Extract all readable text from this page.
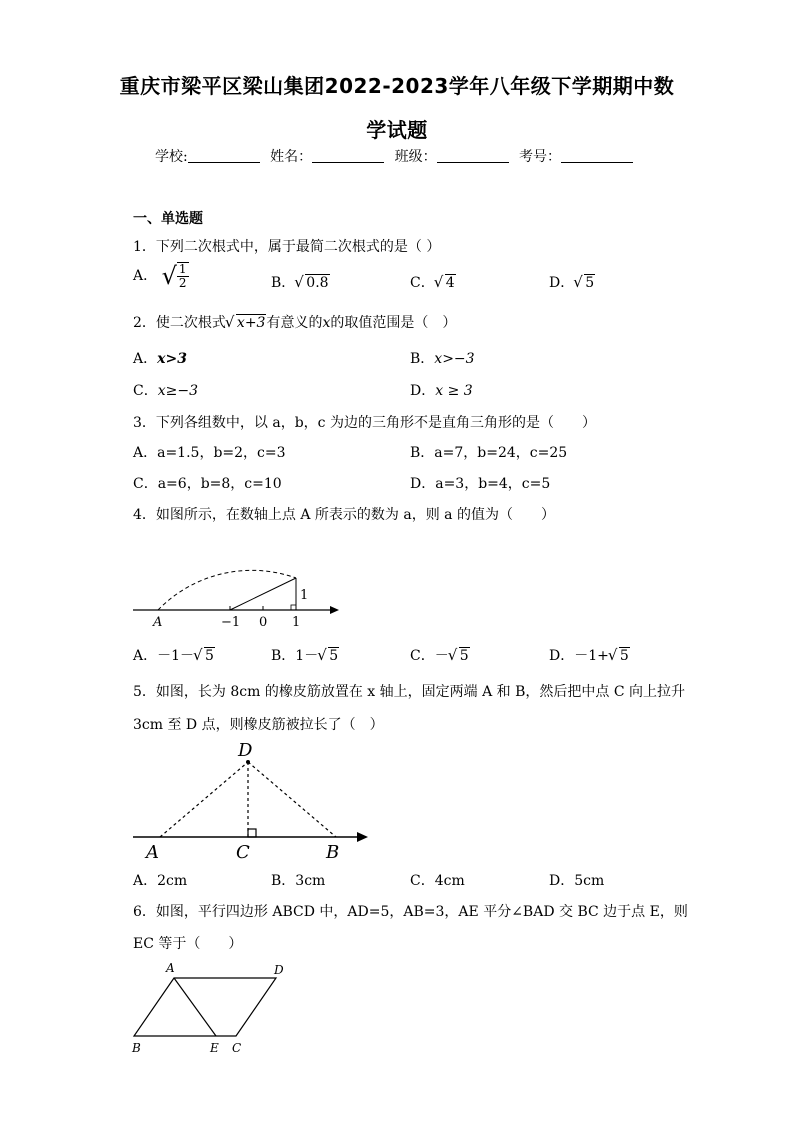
重庆市梁平区梁山集团2022-2023学年八年级下学期期中数
学试题
学校:	姓名：	班级：	考号：
一、单选题
1．下列二次根式中，属于最简二次根式的是（ ）
A． √ $\frac{1}{2}$	B． √ 0.8	C． √ 4	D． √ 5
2．使二次根式 √ x+3有意义的x的取值范围是（　）
A．x>3	B．x>−3
C．x≥−3	D．x ≥ 3
3．下列各组数中，以 a，b，c 为边的三角形不是直角三角形的是（　　）
A．a=1.5，b=2，c=3	B．a=7，b=24，c=25
C．a=6，b=8，c=10	D．a=3，b=4，c=5
4．如图所示，在数轴上点 A 所表示的数为 a，则 a 的值为（　　）
A	−1 0 1
1
A．－1－ √ 5	B．1－ √ 5	C．－ √ 5	D．－1+ √ 5
5．如图，长为 8cm 的橡皮筋放置在 x 轴上，固定两端 A 和 B，然后把中点 C 向上拉升
3cm 至 D 点，则橡皮筋被拉长了（　）
D
A	C	B
A．2cm	B．3cm	C．4cm	D．5cm
6．如图，平行四边形 ABCD 中，AD=5，AB=3，AE 平分∠BAD 交 BC 边于点 E，则
EC 等于（　　）
A	D
B	E C
